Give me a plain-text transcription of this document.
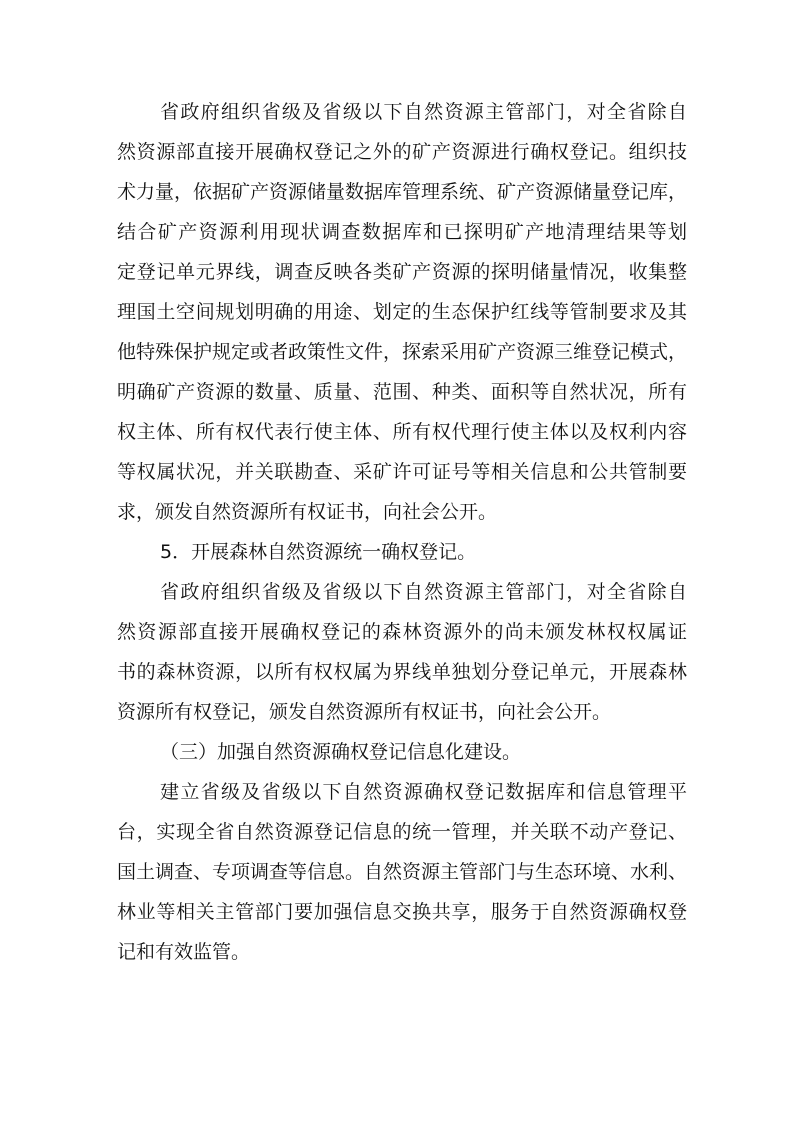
省政府组织省级及省级以下自然资源主管部门，对全省除自
然资源部直接开展确权登记之外的矿产资源进行确权登记。组织技
术力量，依据矿产资源储量数据库管理系统、矿产资源储量登记库，
结合矿产资源利用现状调查数据库和已探明矿产地清理结果等划
定登记单元界线，调查反映各类矿产资源的探明储量情况，收集整
理国土空间规划明确的用途、划定的生态保护红线等管制要求及其
他特殊保护规定或者政策性文件，探索采用矿产资源三维登记模式，
明确矿产资源的数量、质量、范围、种类、面积等自然状况，所有
权主体、所有权代表行使主体、所有权代理行使主体以及权利内容
等权属状况，并关联勘查、采矿许可证号等相关信息和公共管制要
求，颁发自然资源所有权证书，向社会公开。
5．开展森林自然资源统一确权登记。
省政府组织省级及省级以下自然资源主管部门，对全省除自
然资源部直接开展确权登记的森林资源外的尚未颁发林权权属证
书的森林资源，以所有权权属为界线单独划分登记单元，开展森林
资源所有权登记，颁发自然资源所有权证书，向社会公开。
（三）加强自然资源确权登记信息化建设。
建立省级及省级以下自然资源确权登记数据库和信息管理平
台，实现全省自然资源登记信息的统一管理，并关联不动产登记、
国土调查、专项调查等信息。自然资源主管部门与生态环境、水利、
林业等相关主管部门要加强信息交换共享，服务于自然资源确权登
记和有效监管。
